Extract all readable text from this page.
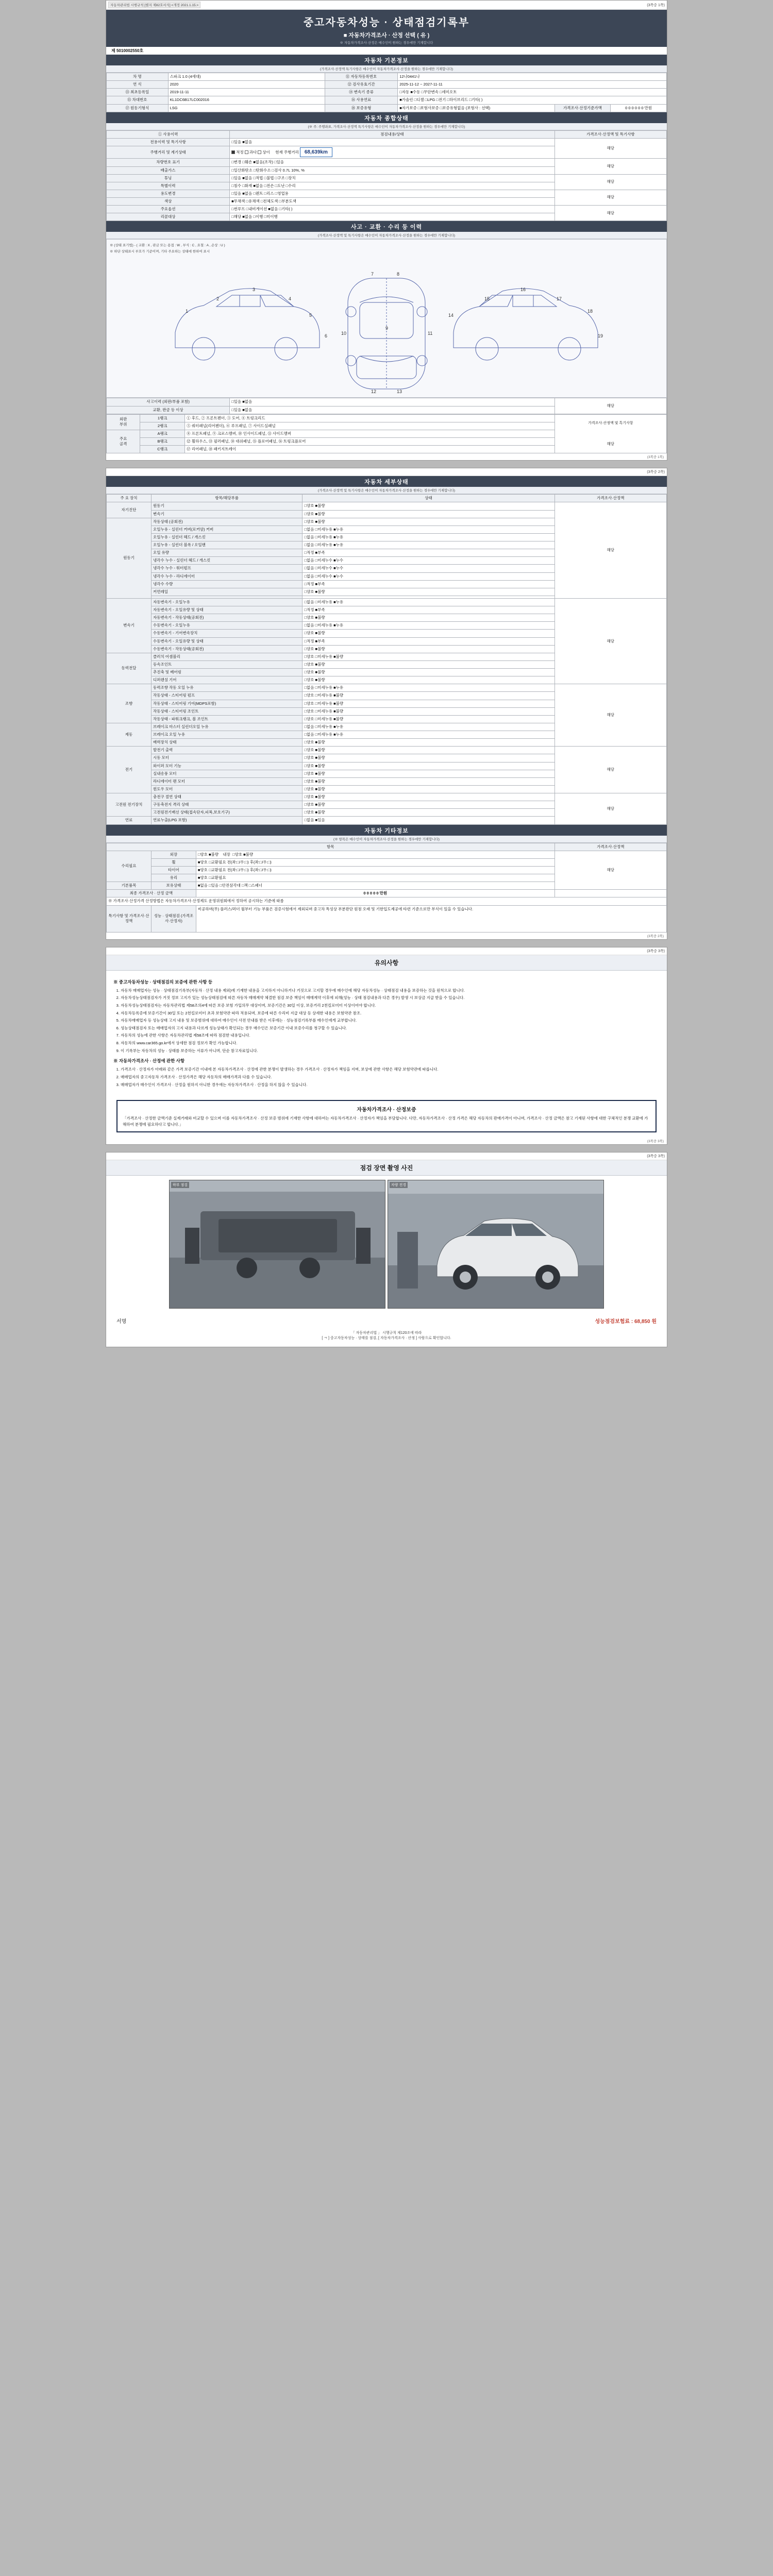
자동차관리법 시행규칙 [별지 제82호서식] <개정 2021.1.15.>	(3쪽중 1쪽)
중고자동차성능 · 상태점검기록부
■ 자동차가격조사 · 산정 선택 ( 유 )
※ 자동차가격조사·산정은 매수인이 원하는 경우에만 기재합니다
제 5010002550호
자동차 기본정보
(가격조사·산정액 특기사항은 매수인이 자동차가격조사·산정을 원하는 경우에만 기재합니다)
차 명	스파크 1.0 (4세대)	⑪ 자동차등록번호	12나0441나		
연 식	2020	⑫ 검사유효기간	2025-11-12 ~ 2027-11-11		
⑬ 최초등록일	2019-11-11	⑭ 변속기 종류	□자동 ■수동 □무단변속 □세미오토		
⑮ 차대번호	KL1DC6B17LC002016	⑯ 사용연료	■가솔린 □디젤 □LPG □전기 □하이브리드 □기타( )		
⑰ 원동기형식	LSG	⑱ 보증유형	■자가보증 □보험사보증 □보증유형없음 (보험사 : 선택)	가격조사·산정기준가액	0 0 0 0 0 0 만원
자동차 종합상태
(※ 주: 주행좌표, 가격조사·산정액 특기사항은 매수인이 자동차가격조사·산정을 원하는 경우에만 기재합니다)
① 사용이력	점검내용/상태	가격조사·산정액 및 특기사항
전용이력 및 특기사항	□있음 ■없음	해당
주행거리 및 계기상태	적정 과다 상이     현재 주행거리 68,639km	
차량번호 표기	□변경 □훼손 ■없음(조작) □있음	해당
배출가스	□일산화탄소 □탄화수소 □검사 0.7L 10%, %	
튜닝	□있음 ■없음 □적법 □불법 □구조 □장치	해당
특별이력	□침수 □화재 ■없음 □전손 □도난 □수리	
용도변경	□있음 ■없음 □렌트 □리스 □영업용	해당
색상	■무채색 □유채색 □전체도색 □부분도색	
주요옵션	□썬루프 □내비게이션 ■없음 □기타( )	해당
리콜대상	□해당 ■없음 □이행 □미이행	
사고 · 교환 · 수리 등 이력
(가격조사·산정액 및 특기사항은 매수인이 자동차가격조사·산정을 원하는 경우에만 기재합니다)
※ (상태 표기법) - ( 교환 : X , 판금 또는 용접 : W , 부식 : C , 요철 : A , 손상 : U )
※ 하단 상태표시 부호가 기준이며, 기타 주요하는 상태에 한하여 표시
1
2
3
4
5
6
7	8
9
10	11
12	13
14
15
16
17
18
19
사고이력 (외판/부품 포함)	□있음 ■없음	해당
교환, 판금 등 이상	□있음 ■없음	
외판
부위	1랭크	① 후드, ② 프론트펜더, ③ 도어, ④ 트렁크리드	
가격조사·산정액 및 특기사항
해당

	2랭크	⑤ 쿼터패널(리어펜더), ⑥ 루프패널, ⑦ 사이드실패널	
주요
골격	A랭크	⑧ 프론트패널, ⑨ 크로스멤버, ⑩ 인사이드패널, ⑪ 사이드멤버	
	B랭크	⑫ 휠하우스, ⑬ 필러패널, ⑭ 대쉬패널, ⑮ 플로어패널, ⑯ 트렁크플로어	
	C랭크	⑰ 리어패널, ⑱ 패키지트레이	
(3쪽중 1쪽)
(3쪽중 2쪽)
자동차 세부상태
(가격조사·산정액 및 특기사항은 매수인이 자동차가격조사·산정을 원하는 경우에만 기재합니다)
주 요 장치	항목/해당부품	상태	가격조사·산정액
자기진단	원동기	□양호 ■불량	해당
	변속기	□양호 ■불량	
원동기	작동상태 (공회전)	□양호 ■불량	
	오일누유 - 실린더 커버(로커암) 커버	□없음 □미세누유 ■누유	
	오일누유 - 실린더 헤드 / 개스킷	□없음 □미세누유 ■누유	
	오일누유 - 실린더 블록 / 오일팬	□없음 □미세누유 ■누유	
	오일 유량	□적정 ■부족	
	냉각수 누수 - 실린더 헤드 / 개스킷	□없음 □미세누수 ■누수	
	냉각수 누수 - 워터펌프	□없음 □미세누수 ■누수	
	냉각수 누수 - 라디에이터	□없음 □미세누수 ■누수	
	냉각수 수량	□적정 ■부족	
	커먼레일	□양호 ■불량	

변속기	자동변속기 - 오일누유	□없음 □미세누유 ■누유	해당
	자동변속기 - 오일유량 및 상태	□적정 ■부족	
	자동변속기 - 작동상태(공회전)	□양호 ■불량	
	수동변속기 - 오일누유	□없음 □미세누유 ■누유	
	수동변속기 - 기어변속장치	□양호 ■불량	
	수동변속기 - 오일유량 및 상태	□적정 ■부족	
	수동변속기 - 작동상태(공회전)	□양호 ■불량	
동력전달	클러치 어셈블리	□양호 □미세누유 ■불량	
	등속조인트	□양호 ■불량	
	추진축 및 베어링	□양호 ■불량	
	디퍼렌셜 기어	□양호 ■불량	
조향	동력조향 작동 오일 누유	□없음 □미세누유 ■누유	해당
	작동상태 - 스티어링 펌프	□양호 □미세누유 ■불량	
	작동상태 - 스티어링 기어(MDPS포함)	□양호 □미세누유 ■불량	
	작동상태 - 스티어링 조인트	□양호 □미세누유 ■불량	
	작동상태 - 파워크랭크, 볼 조인트	□양호 □미세누유 ■불량	
제동	브레이크 마스터 실린더오일 누유	□없음 □미세누유 ■누유	
	브레이크 오일 누유	□없음 □미세누유 ■누유	
	배력장치 상태	□양호 ■불량	
전기	발전기 출력	□양호 ■불량	해당
	시동 모터	□양호 ■불량	
	와이퍼 모터 기능	□양호 ■불량	
	실내송풍 모터	□양호 ■불량	
	라디에이터 팬 모터	□양호 ■불량	
	윈도우 모터	□양호 ■불량	
고전원 전기장치	충전구 절연 상태	□양호 ■불량	해당
	구동축전지 격리 상태	□양호 ■불량	
	고전원전기배선 상태(접속단자,피복,보호기구)	□양호 ■불량	
연료	연료누출(LPG 포함)	□없음 ■있음	
자동차 기타정보
(※ 항목은 매수인이 자동차가격조사·산정을 원하는 경우에만 기재합니다)
항목			가격조사·산정액
수리필요	외장	□양호 ■불량 내장 □양호 ■불량	해당
	휠	■양호 □교환필요 전(좌:□/우:□) 후(좌:□/우:□)	
	타이어	■양호 □교환필요 전(좌:□/우:□) 후(좌:□/우:□)	
	유리	■양호 □교환필요	
기본품목	보유상태	■없음 □있음 □안전삼각대 □잭 □스패너	
최종 가격조사 · 산정 금액		0 0 0 0 0 만원	
※ 가격조사·산정가격 산정방법은 자동차가격조사·산정제도 운영위원회에서 정하여 공시하는 기준에 따름			
특기사항 및 가격조사·산정액	성능 · 상태점검 (가격조사·산정자)	비공하며(무) 플러스/퍼더 월부터 기능 부품은 검증시험에서 제외되며 중고차 특성상 부분판단 원점 오래 및 기한입도제공에 타련 기준으로만 부식이 있을 수 있습니다.	
(3쪽중 2쪽)
(3쪽중 3쪽)
유의사항
※ 중고자동차성능 · 상태점검의 보증에 관한 사항 등
1. 자동차 매매업자는 성능 · 상태점검기록부(자동차 · 산정 내용 제외)에 기재한 내용을 고지하지 아니하거나 거짓으로 고지할 경우에 매수인에 해당 자동차성능 · 상태점검 내용을 보증하는 것을 원칙으로 합니다.
2. 자동차성능상태점검자가 거짓 정보 고지가 있는 성능상태점검에 따른 자동차 매매계약 체결한 점검 보증 책임이 매매계약 이후에 피해(성능 · 상태 점검내용과 다른 경우) 발생 시 보상금 지급 받을 수 있습니다.
3. 자동차성능상태점검자는 자동차관리법 제58조의4에 따른 보증 보험 가입의무 대상이며, 보증기간은 30일 이상, 보증거리 2천킬로미터 이상이어야 합니다.
4. 자동차등록증에 보증기간이 30일 또는 2천킬로미터 초과 보험약관 따라 적용되며, 보증에 따른 수리비 지급 대상 등 상세한 내용은 보험약관 참조.
5. 자동차매매업자 등 성능상태 고지 내용 및 보증범위에 대하여 매수인이 사전 안내를 받은 이후에는 · 성능점검기록부를 매수인에게 교부합니다.
6. 성능상태점검자 또는 매매업자의 고지 내용과 다르게 성능상태가 확인되는 경우 매수인은 보증기간 이내 보증수리를 청구할 수 있습니다.
7. 자동차의 성능에 관한 사항은 자동차관리법 제58조에 따라 점검한 내용입니다.
8. 자동차의 www.car365.go.kr에서 상세한 점검 정보가 확인 가능합니다.
9. 이 기록부는 자동차의 성능 · 상태를 보증하는 서류가 아니며, 단순 참고자료입니다.
※ 자동차가격조사 · 산정에 관한 사항
1. 가격조사 · 산정자가 아래와 같은 가격 보증기간 이내에 본 자동차가격조사 · 산정에 관한 분쟁이 발생하는 경우 가격조사 · 산정자가 책임을 지며, 보상에 관한 사항은 해당 보험약관에 따릅니다.
2. 매매업자의 중고자동차 가격조사 · 산정가격은 해당 자동차의 매매가격과 다를 수 있습니다.
3. 매매업자가 매수인이 가격조사 · 산정을 원하지 아니한 경우에는 자동차가격조사 · 산정을 하지 않을 수 있습니다.
자동차가격조사 · 산정보증
「가격조사 · 산정한 금액기준 실제거래와 비교할 수 있으며 이를 자동차가격조사 · 산정 보증 범위에 기재한 사항에 대하여는 자동차가격조사 · 산정자가 책임을 부담합니다. 다만, 자동차가격조사 · 산정 가격은 해당 자동차의 판매가격이 아니며, 가격조사 · 산정 금액은 참고 기재된 사항에 대한 구체적인 분쟁 교환에 가해하여 분쟁에 필요하다고 합니다.」
(3쪽중 3쪽)
(3쪽중 3쪽)
점검 장면 촬영 사진
하부 점검	차량 전경
서명	성능점검보험료 : 68,850 원
「 자동차관리법 」 시행규칙 제120조에 따라
[ ㅋ ] 중고자동차성능 · 상태를 점검, [ 자동차가격조사 · 산정 ] 사람으로 확인합니다.
